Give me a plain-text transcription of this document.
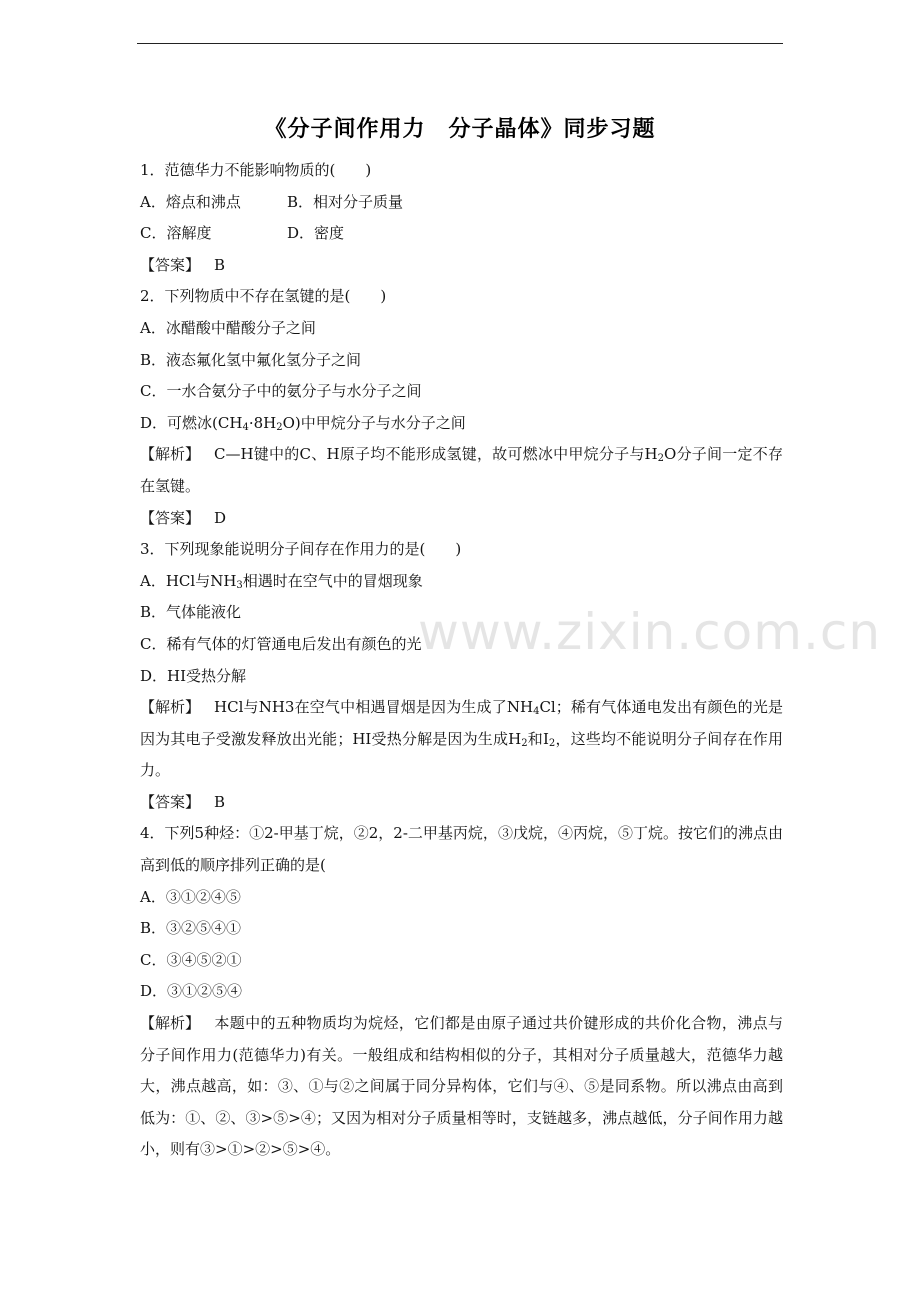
www.zixin.com.cn
《分子间作用力　分子晶体》同步习题
1．范德华力不能影响物质的(　　)
A．熔点和沸点	B．相对分子质量
C．溶解度	D．密度
【答案】 B
2．下列物质中不存在氢键的是(　　)
A．冰醋酸中醋酸分子之间
B．液态氟化氢中氟化氢分子之间
C．一水合氨分子中的氨分子与水分子之间
D．可燃冰$(CH_4\cdot 8H_2O)$中甲烷分子与水分子之间
【解析】 C—H键中的C、H原子均不能形成氢键，故可燃冰中甲烷分子与$H_2O$分子间一定不存在氢键。
【答案】 D
3．下列现象能说明分子间存在作用力的是(　　)
A．HCl与$NH_3$相遇时在空气中的冒烟现象
B．气体能液化
C．稀有气体的灯管通电后发出有颜色的光
D．HI受热分解
【解析】 HCl与NH3在空气中相遇冒烟是因为生成了$NH_4Cl$；稀有气体通电发出有颜色的光是因为其电子受激发释放出光能；HI受热分解是因为生成$H_2$和$I_2$，这些均不能说明分子间存在作用力。
【答案】 B
4．下列5种烃：①2-甲基丁烷，②2，2-二甲基丙烷，③戊烷，④丙烷，⑤丁烷。按它们的沸点由高到低的顺序排列正确的是(
A．③①②④⑤
B．③②⑤④①
C．③④⑤②①
D．③①②⑤④
【解析】 本题中的五种物质均为烷烃，它们都是由原子通过共价键形成的共价化合物，沸点与分子间作用力(范德华力)有关。一般组成和结构相似的分子，其相对分子质量越大，范德华力越大，沸点越高，如：③、①与②之间属于同分异构体，它们与④、⑤是同系物。所以沸点由高到低为：①、②、③>⑤>④；又因为相对分子质量相等时，支链越多，沸点越低，分子间作用力越小，则有③>①>②>⑤>④。
